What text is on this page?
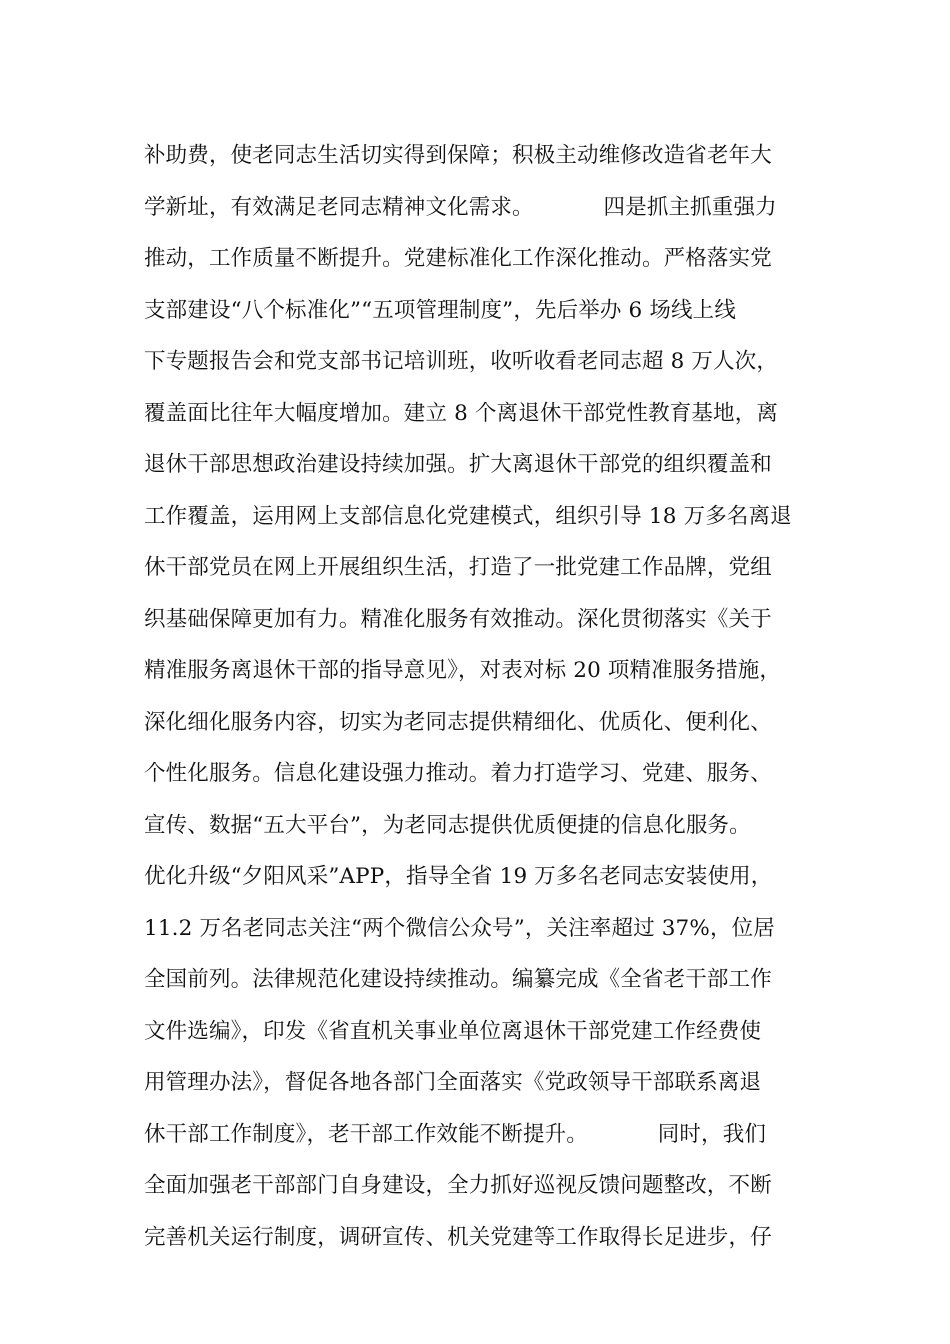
补助费，使老同志生活切实得到保障；积极主动维修改造省老年大
学新址，有效满足老同志精神文化需求。          四是抓主抓重强力
推动，工作质量不断提升。党建标准化工作深化推动。严格落实党
支部建设“八个标准化”“五项管理制度”，先后举办 6 场线上线
下专题报告会和党支部书记培训班，收听收看老同志超 8 万人次，
覆盖面比往年大幅度增加。建立 8 个离退休干部党性教育基地，离
退休干部思想政治建设持续加强。扩大离退休干部党的组织覆盖和
工作覆盖，运用网上支部信息化党建模式，组织引导 18 万多名离退
休干部党员在网上开展组织生活，打造了一批党建工作品牌，党组
织基础保障更加有力。精准化服务有效推动。深化贯彻落实《关于
精准服务离退休干部的指导意见》，对表对标 20 项精准服务措施，
深化细化服务内容，切实为老同志提供精细化、优质化、便利化、
个性化服务。信息化建设强力推动。着力打造学习、党建、服务、
宣传、数据“五大平台”，为老同志提供优质便捷的信息化服务。
优化升级“夕阳风采”APP，指导全省 19 万多名老同志安装使用，
11.2 万名老同志关注“两个微信公众号”，关注率超过 37%，位居
全国前列。法律规范化建设持续推动。编纂完成《全省老干部工作
文件选编》，印发《省直机关事业单位离退休干部党建工作经费使
用管理办法》，督促各地各部门全面落实《党政领导干部联系离退
休干部工作制度》，老干部工作效能不断提升。          同时，我们
全面加强老干部部门自身建设，全力抓好巡视反馈问题整改，不断
完善机关运行制度，调研宣传、机关党建等工作取得长足进步，仔
